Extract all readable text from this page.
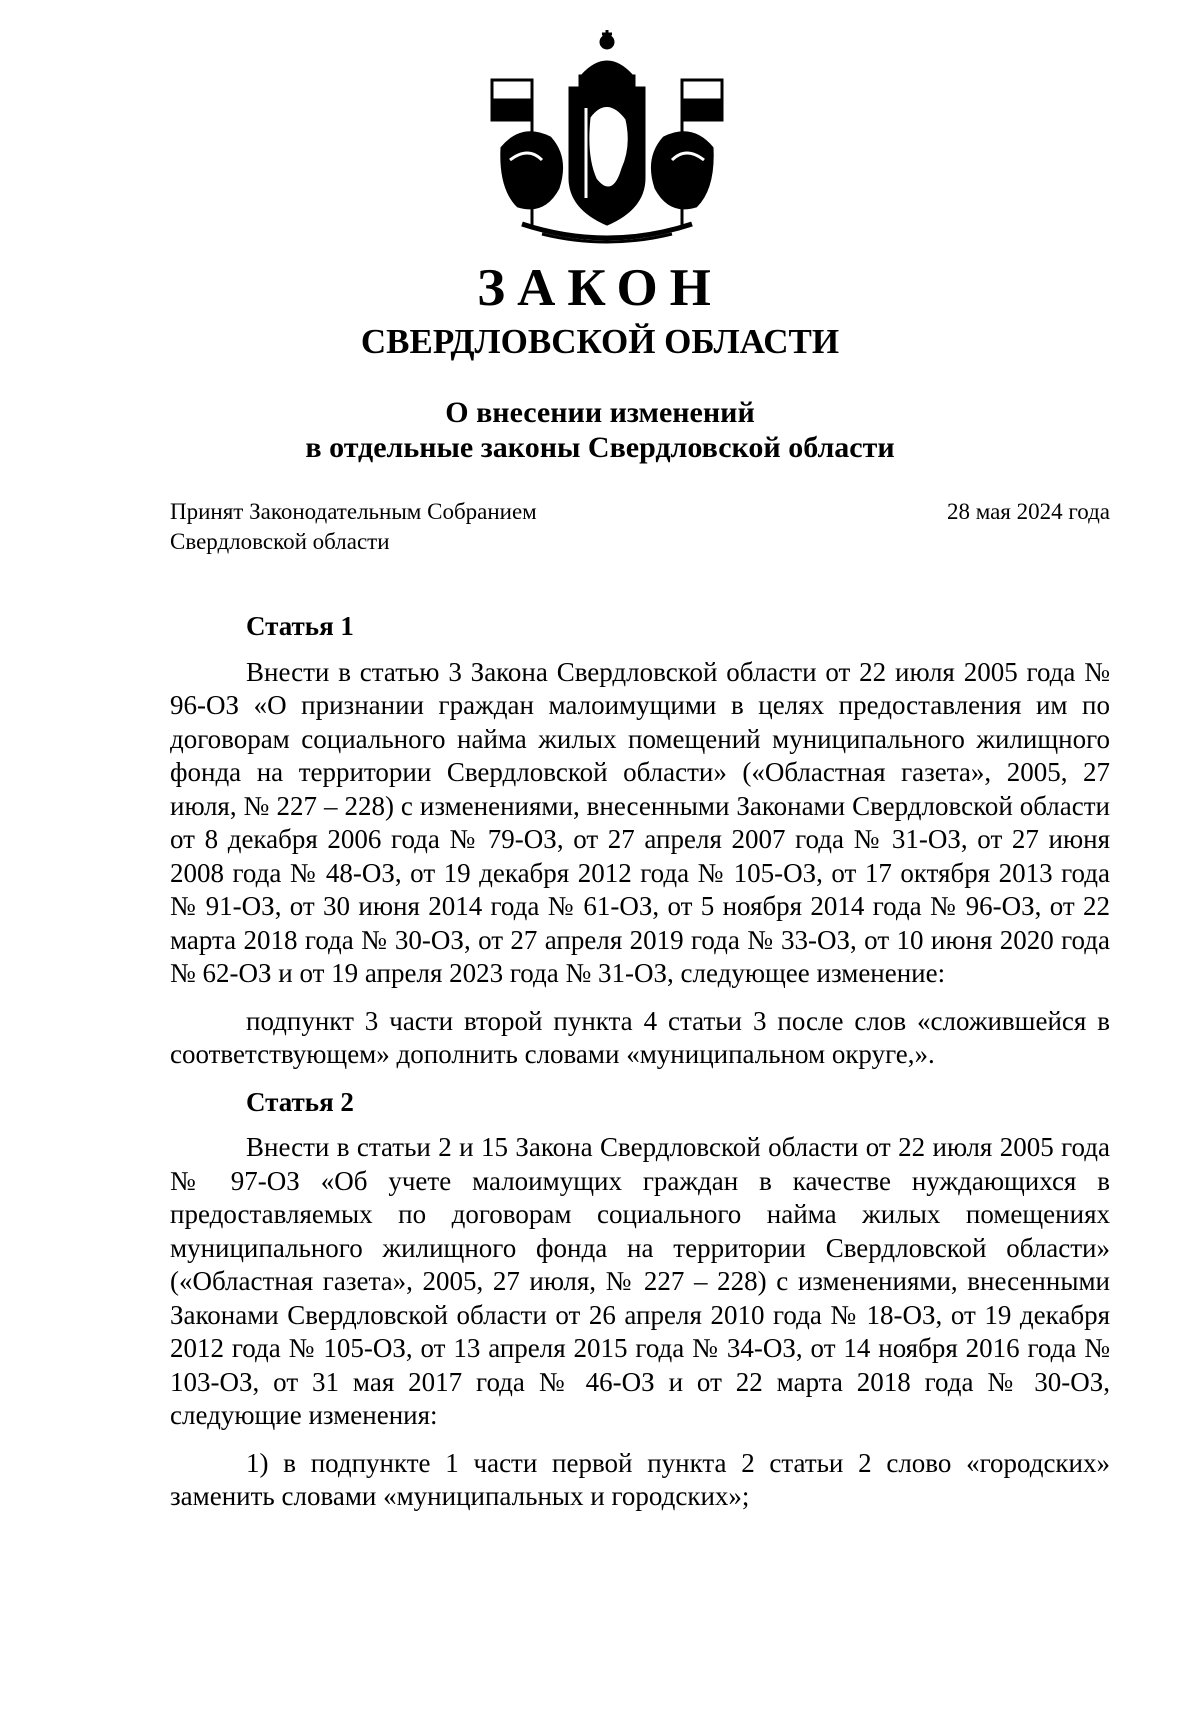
ЗАКОН
СВЕРДЛОВСКОЙ ОБЛАСТИ
О внесении изменений
в отдельные законы Свердловской области
Принят Законодательным Собранием
Свердловской области
28 мая 2024 года
Статья 1

Внести в статью 3 Закона Свердловской области от 22 июля 2005 года № 96-ОЗ «О признании граждан малоимущими в целях предоставления им по договорам социального найма жилых помещений муниципального жилищного фонда на территории Свердловской области» («Областная газета», 2005, 27 июля, № 227 – 228) с изменениями, внесенными Законами Свердловской области от 8 декабря 2006 года № 79-ОЗ, от 27 апреля 2007 года № 31-ОЗ, от 27 июня 2008 года № 48-ОЗ, от 19 декабря 2012 года № 105-ОЗ, от 17 октября 2013 года № 91-ОЗ, от 30 июня 2014 года № 61-ОЗ, от 5 ноября 2014 года № 96-ОЗ, от 22 марта 2018 года № 30-ОЗ, от 27 апреля 2019 года № 33-ОЗ, от 10 июня 2020 года № 62-ОЗ и от 19 апреля 2023 года № 31-ОЗ, следующее изменение:

подпункт 3 части второй пункта 4 статьи 3 после слов «сложившейся в соответствующем» дополнить словами «муниципальном округе,».

Статья 2

Внести в статьи 2 и 15 Закона Свердловской области от 22 июля 2005 года № 97-ОЗ «Об учете малоимущих граждан в качестве нуждающихся в предоставляемых по договорам социального найма жилых помещениях муниципального жилищного фонда на территории Свердловской области» («Областная газета», 2005, 27 июля, № 227 – 228) с изменениями, внесенными Законами Свердловской области от 26 апреля 2010 года № 18-ОЗ, от 19 декабря 2012 года № 105-ОЗ, от 13 апреля 2015 года № 34-ОЗ, от 14 ноября 2016 года № 103-ОЗ, от 31 мая 2017 года № 46-ОЗ и от 22 марта 2018 года № 30-ОЗ, следующие изменения:

1) в подпункте 1 части первой пункта 2 статьи 2 слово «городских» заменить словами «муниципальных и городских»;
